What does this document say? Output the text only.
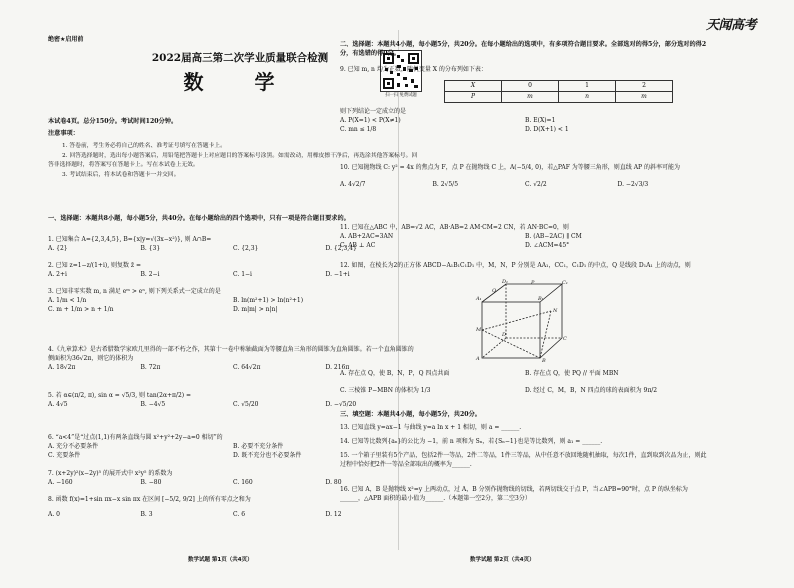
天闻高考
绝密★启用前
2022届高三第二次学业质量联合检测
数 学
扫一扫 免费试题
本试卷4页。总分150分。考试时间120分钟。
注意事项：

1. 答卷前，考生务必将自己的姓名、准考证号填写在答题卡上。

2. 回答选择题时，选出每小题答案后，用铅笔把答题卡上对应题目的答案标号涂黑。如需改动，用橡皮擦干净后，再选涂其他答案标号。回答非选择题时，将答案写在答题卡上。写在本试卷上无效。

3. 考试结束后，将本试卷和答题卡一并交回。

一、选择题：本题共8小题，每小题5分，共40分。在每小题给出的四个选项中，只有一项是符合题目要求的。
1. 已知集合 A={2,3,4,5}, B={x|y=√(3x−x²)}, 则 A∩B=
A. {2}	B. {3}	C. {2,3}	D. {2,3,4}
2. 已知 z=1−z/(1+i), 则复数 z̄ =
A. 2+i	B. 2−i	C. 1−i	D. −1+i
3. 已知非零实数 m, n 满足 eᵐ > eⁿ, 则下列关系式一定成立的是
A. 1/m < 1/n	B. ln(m²+1) > ln(n²+1)
C. m + 1/m > n + 1/n	D. m|m| > n|n|
4.《九章算术》是古希腊数学家欧几里得的一部不朽之作，其第十一卷中称轴截面为等腰直角三角形的圆锥为直角圆锥。若一个直角圆锥的侧面积为36√2π，则它的体积为
A. 18√2π	B. 72π	C. 64√2π	D. 216π
5. 若 α∈(π/2, π), sin α = √5/3, 则 tan(2α+π/2) =
A. 4√5	B. −4√5	C. √5/20	D. −√5/20
6. “a<4”是“过点(1,1)有两条直线与圆 x²+y²+2y−a=0 相切”的
A. 充分不必要条件	B. 必要不充分条件
C. 充要条件	D. 既不充分也不必要条件
7. (x+2y)²(x−2y)⁵ 的展开式中 x²y⁵ 的系数为
A. −160	B. −80	C. 160	D. 80
8. 函数 f(x)=1+sin πx−x sin πx 在区间 [−5/2, 9/2] 上的所有零点之和为
A. 0	B. 3	C. 6	D. 12
数学试题 第1页（共4页）
二、选择题：本题共4小题，每小题5分，共20分。在每小题给出的选项中，有多项符合题目要求。全部选对的得5分，部分选对的得2分，有选错的得0分。
9. 已知 m, n 均为正数，随机变量 X 的分布列如下表：
X	0	1	2
P	m	n	m
则下列结论一定成立的是
A. P(X=1) < P(X≠1)	B. E(X)=1
C. mn ≤ 1/8	D. D(X+1) < 1
10. 已知抛物线 C: y² = 4x 的焦点为 F，点 P 在抛物线 C 上，A(−5/4, 0)，若△PAF 为等腰三角形，则直线 AP 的斜率可能为
A. 4√2/7	B. 2√5/5	C. √2/2	D. −2√3/3
11. 已知在△ABC 中，AB=√2 AC，AB·AB=2 AM·CM=2 CN，若 AN·BC=0，则
A. AB+2AC=3AN	B. (AB−2AC) ∥ CM
C. AB ⊥ AC	D. ∠ACM=45°
12. 如图，在棱长为2的正方体 ABCD−A₁B₁C₁D₁ 中，M，N，P 分别是 AA₁，CC₁，C₁D₁ 的中点，Q 是线段 D₁A₁ 上的动点，则
A₁
D₁	C₁
B₁
A	B
C
D
M
N
P
Q
A. 存在点 Q，使 B，N，P，Q 四点共面	B. 存在点 Q，使 PQ // 平面 MBN
C. 三棱锥 P−MBN 的体积为 1/3	D. 经过 C，M，B，N 四点的球的表面积为 9π/2
三、填空题：本题共4小题，每小题5分，共20分。
13. 已知直线 y=ax−1 与曲线 y=a ln x + 1 相切，则 a = ______.
14. 已知等比数列{aₙ}的公比为 −1，前 n 项和为 Sₙ，若{Sₙ−1}也是等比数列，则 a₁ = ______.
15. 一个箱子里装有5个产品，包括2件一等品，2件二等品，1件三等品，从中任意不放回地随机抽取，每次1件，直到取到次品为止，则此过程中恰好把2件一等品全部取出的概率为______.
16. 已知 A，B 是抛物线 x²=y 上两动点，过 A，B 分别作抛物线的切线，若两切线交于点 P，当∠APB=90°时，点 P 的纵坐标为______，△APB 面积的最小值为______.（本题第一空2分，第二空3分）
数学试题 第2页（共4页）
